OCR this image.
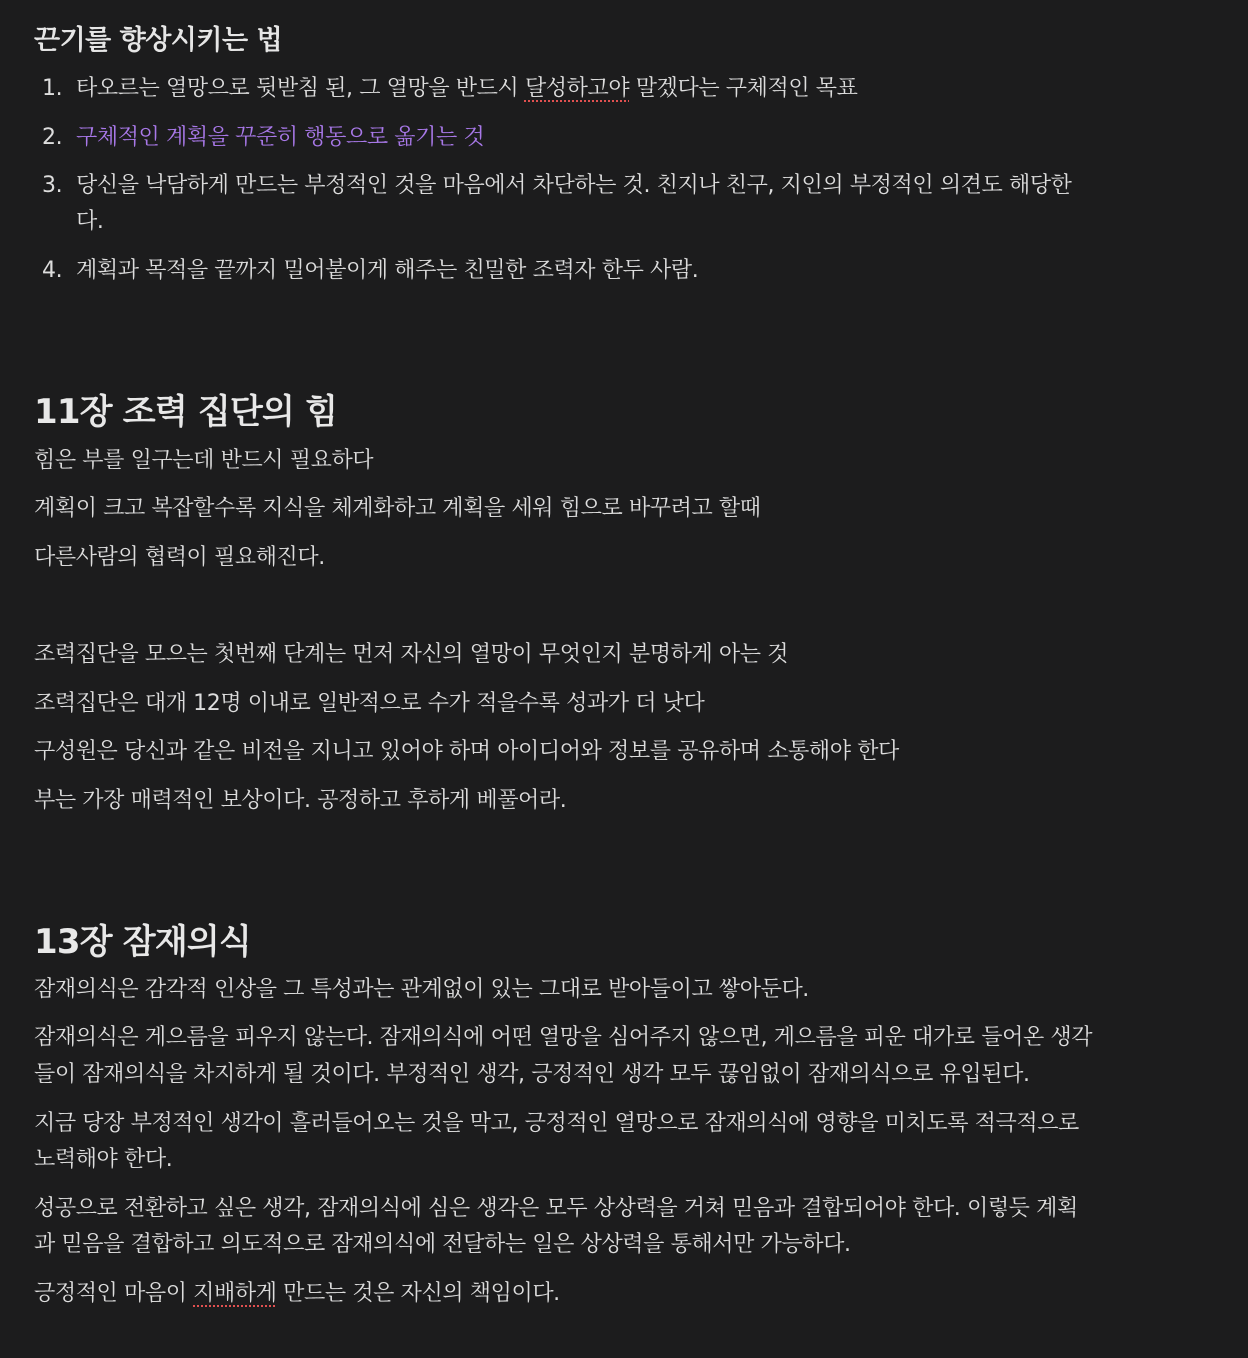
끈기를 향상시키는 법
1. 타오르는 열망으로 뒷받침 된, 그 열망을 반드시 달성하고야 말겠다는 구체적인 목표
2. 구체적인 계획을 꾸준히 행동으로 옮기는 것
3. 당신을 낙담하게 만드는 부정적인 것을 마음에서 차단하는 것. 친지나 친구, 지인의 부정적인 의견도 해당한
다.
4. 계획과 목적을 끝까지 밀어붙이게 해주는 친밀한 조력자 한두 사람.
11장 조력 집단의 힘
힘은 부를 일구는데 반드시 필요하다
계획이 크고 복잡할수록 지식을 체계화하고 계획을 세워 힘으로 바꾸려고 할때
다른사람의 협력이 필요해진다.
조력집단을 모으는 첫번째 단계는 먼저 자신의 열망이 무엇인지 분명하게 아는 것
조력집단은 대개 12명 이내로 일반적으로 수가 적을수록 성과가 더 낫다
구성원은 당신과 같은 비전을 지니고 있어야 하며 아이디어와 정보를 공유하며 소통해야 한다
부는 가장 매력적인 보상이다. 공정하고 후하게 베풀어라.
13장 잠재의식
잠재의식은 감각적 인상을 그 특성과는 관계없이 있는 그대로 받아들이고 쌓아둔다.
잠재의식은 게으름을 피우지 않는다. 잠재의식에 어떤 열망을 심어주지 않으면, 게으름을 피운 대가로 들어온 생각
들이 잠재의식을 차지하게 될 것이다. 부정적인 생각, 긍정적인 생각 모두 끊임없이 잠재의식으로 유입된다.
지금 당장 부정적인 생각이 흘러들어오는 것을 막고, 긍정적인 열망으로 잠재의식에 영향을 미치도록 적극적으로
노력해야 한다.
성공으로 전환하고 싶은 생각, 잠재의식에 심은 생각은 모두 상상력을 거쳐 믿음과 결합되어야 한다. 이렇듯 계획
과 믿음을 결합하고 의도적으로 잠재의식에 전달하는 일은 상상력을 통해서만 가능하다.
긍정적인 마음이 지배하게 만드는 것은 자신의 책임이다.
